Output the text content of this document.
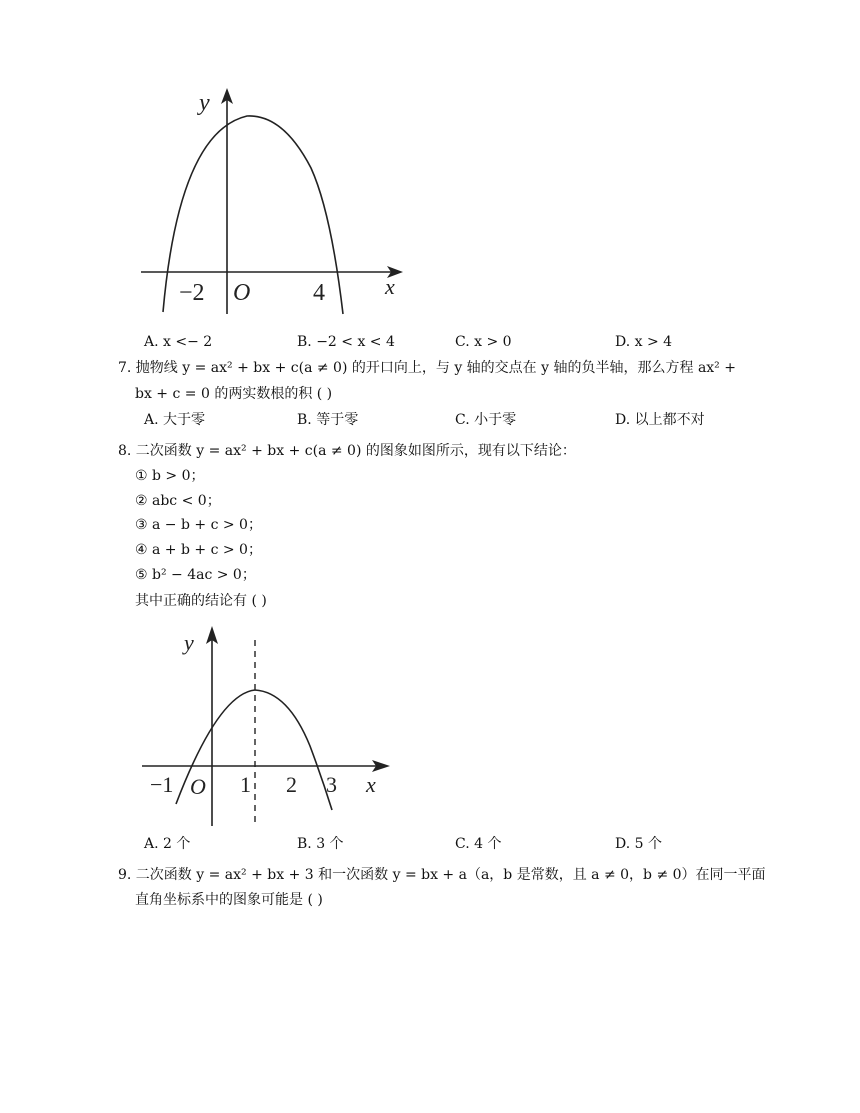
y
x
O
−2	4
A. x <− 2	B. −2 < x < 4	C. x > 0	D. x > 4
7. 抛物线 y = ax² + bx + c(a ≠ 0) 的开口向上，与 y 轴的交点在 y 轴的负半轴，那么方程 ax² +
bx + c = 0 的两实数根的积 ( )
A. 大于零	B. 等于零	C. 小于零	D. 以上都不对
8. 二次函数 y = ax² + bx + c(a ≠ 0) 的图象如图所示，现有以下结论：
① b > 0；
② abc < 0；
③ a − b + c > 0；
④ a + b + c > 0；
⑤ b² − 4ac > 0；
其中正确的结论有 ( )
y
x
O
−1	1 2 3
A. 2 个	B. 3 个	C. 4 个	D. 5 个
9. 二次函数 y = ax² + bx + 3 和一次函数 y = bx + a（a，b 是常数，且 a ≠ 0，b ≠ 0）在同一平面
直角坐标系中的图象可能是 ( )
